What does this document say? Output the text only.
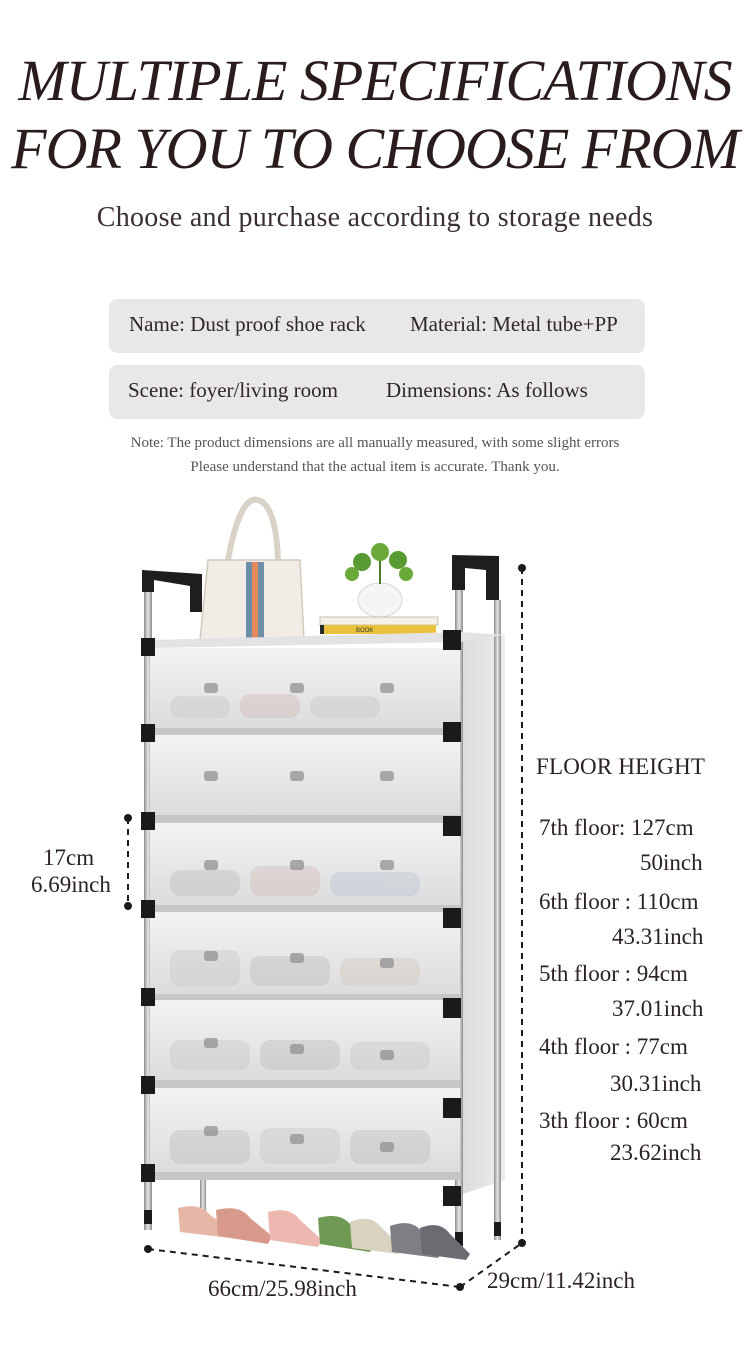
MULTIPLE SPECIFICATIONS
FOR YOU TO CHOOSE FROM
Choose and purchase according to storage needs
Name: Dust proof shoe rack Material: Metal tube+PP
Scene: foyer/living room Dimensions: As follows
Note: The product dimensions are all manually measured, with some slight errors
Please understand that the actual item is accurate. Thank you.
BOOK
17cm
6.69inch
66cm/25.98inch	29cm/11.42inch
FLOOR HEIGHT
7th floor: 127cm
50inch
6th floor : 110cm
43.31inch
5th floor : 94cm
37.01inch
4th floor : 77cm
30.31inch
3th floor : 60cm
23.62inch
